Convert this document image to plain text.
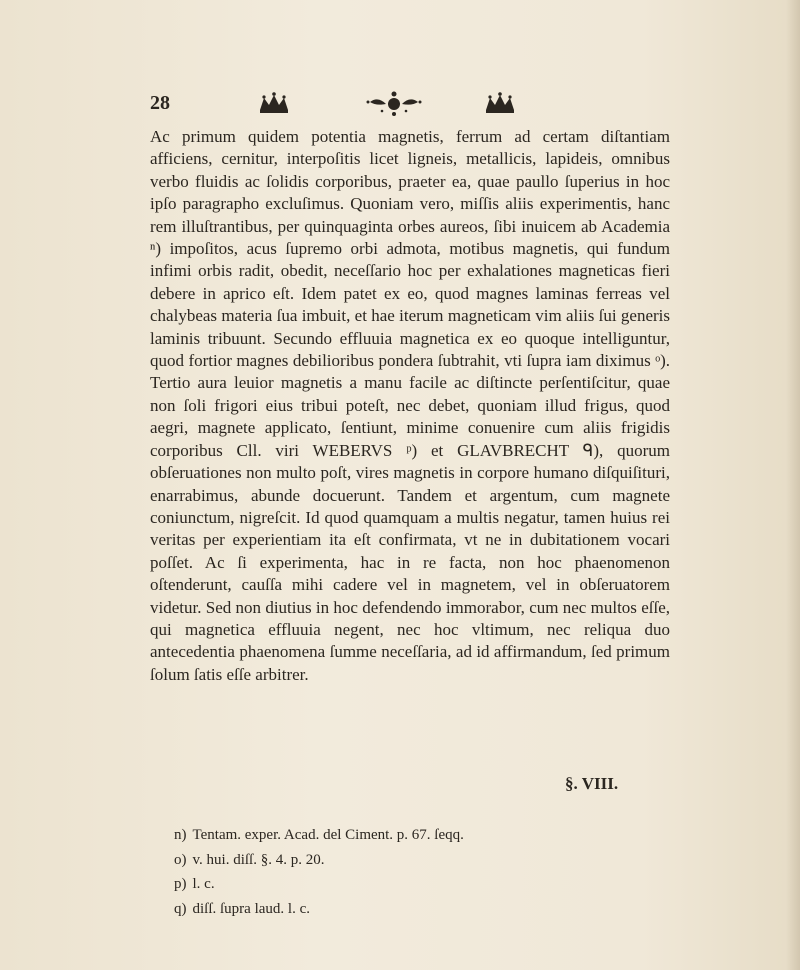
28

Ac primum quidem potentia magnetis, ferrum ad certam diſtantiam afficiens, cernitur, interpoſitis licet ligneis, metallicis, lapideis, omnibus verbo fluidis ac ſolidis corporibus, praeter ea, quae paullo ſuperius in hoc ipſo paragrapho excluſimus. Quoniam vero, miſſis aliis experimentis, hanc rem illuſtrantibus, per quinquaginta orbes aureos, ſibi inuicem ab Academia ⁿ) impoſitos, acus ſupremo orbi admota, motibus magnetis, qui fundum infimi orbis radit, obedit, neceſſario hoc per exhalationes magneticas fieri debere in aprico eſt. Idem patet ex eo, quod magnes laminas ferreas vel chalybeas materia ſua imbuit, et hae iterum magneticam vim aliis ſui generis laminis tribuunt. Secundo effluuia magnetica ex eo quoque intelliguntur, quod fortior magnes debilioribus pondera ſubtrahit, vti ſupra iam diximus ᵒ). Tertio aura leuior magnetis a manu facile ac diſtincte perſentiſcitur, quae non ſoli frigori eius tribui poteſt, nec debet, quoniam illud frigus, quod aegri, magnete applicato, ſentiunt, minime conuenire cum aliis frigidis corporibus Cll. viri WEBERVS ᵖ) et GLAVBRECHT ᑫ), quorum obſeruationes non multo poſt, vires magnetis in corpore humano diſquiſituri, enarrabimus, abunde docuerunt. Tandem et argentum, cum magnete coniunctum, nigreſcit. Id quod quamquam a multis negatur, tamen huius rei veritas per experientiam ita eſt confirmata, vt ne in dubitationem vocari poſſet. Ac ſi experimenta, hac in re facta, non hoc phaenomenon oſtenderunt, cauſſa mihi cadere vel in magnetem, vel in obſeruatorem videtur. Sed non diutius in hoc defendendo immorabor, cum nec multos eſſe, qui magnetica effluuia negent, nec hoc vltimum, nec reliqua duo antecedentia phaenomena ſumme neceſſaria, ad id affirmandum, ſed primum ſolum ſatis eſſe arbitrer.

§. VIII.
n) Tentam. exper. Acad. del Ciment. p. 67. ſeqq.
o) v. hui. diſſ. §. 4. p. 20.
p) l. c.
q) diſſ. ſupra laud. l. c.
